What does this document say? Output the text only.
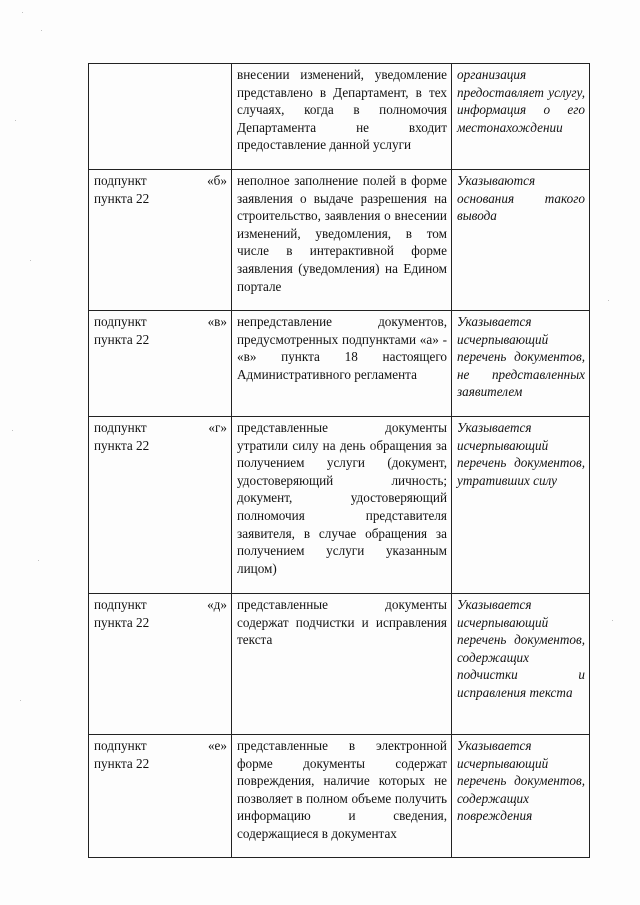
	внесении изменений, уведомление представлено в Департамент, в тех случаях, когда в полномочия Департамента не входит предоставление данной услуги	организация предоставляет услугу, информация о его местонахождении

подпункт «б»
пункта 22	неполное заполнение полей в форме заявления о выдаче разрешения на строительство, заявления о внесении изменений, уведомления, в том числе в интерактивной форме заявления (уведомления) на Едином портале	Указываются основания такого вывода

подпункт «в»
пункта 22	непредставление документов, предусмотренных подпунктами «а» - «в» пункта 18 настоящего Административного регламента	Указывается исчерпывающий перечень документов, не представленных заявителем

подпункт «г»
пункта 22	представленные документы утратили силу на день обращения за получением услуги (документ, удостоверяющий личность; документ, удостоверяющий полномочия представителя заявителя, в случае обращения за получением услуги указанным лицом)	Указывается исчерпывающий перечень документов, утративших силу

подпункт «д»
пункта 22	представленные документы содержат подчистки и исправления текста	Указывается исчерпывающий перечень документов, содержащих подчистки и исправления текста

подпункт «е»
пункта 22	представленные в электронной форме документы содержат повреждения, наличие которых не позволяет в полном объеме получить информацию и сведения, содержащиеся в документах	Указывается исчерпывающий перечень документов, содержащих повреждения
